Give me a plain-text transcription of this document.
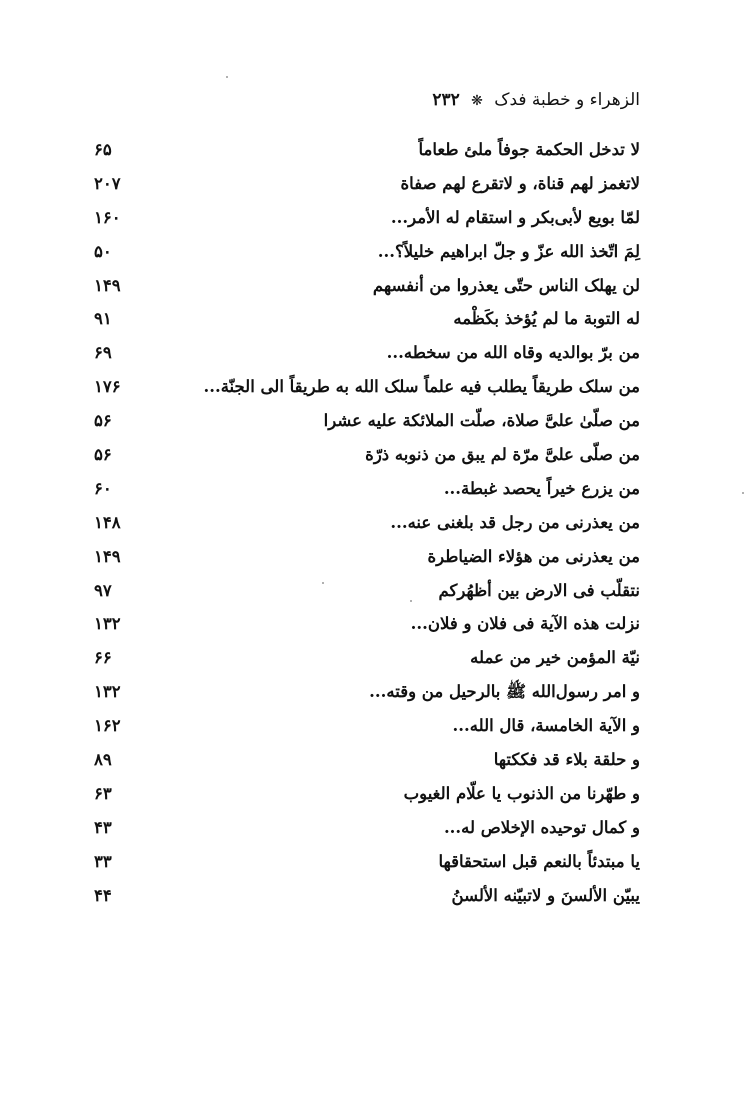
الزهراء و خطبة فدک ❋ ۲۳۲
لا تدخل الحکمة جوفاً ملئ طعاماً
۶۵
لاتغمز لهم قناة، و لاتقرع لهم صفاة
۲۰۷
لمّا بويع لأبی‌بکر و استقام له الأمر...
۱۶۰
لِمَ اتّخذ الله عزّ و جلّ ابراهيم خليلاً؟...
۵۰
لن يهلک الناس حتّی يعذروا من أنفسهم
۱۴۹
له التوبة ما لم يُؤخذ بکَظْمه
۹۱
من برّ بوالديه وقاه الله من سخطه...
۶۹
من سلک طريقاً يطلب فيه علماً سلک الله به طريقاً الی الجنّة...
۱۷۶
من صلّیٰ علیَّ صلاة، صلّت الملائکة عليه عشرا
۵۶
من صلّی علیَّ مرّة لم يبق من ذنوبه ذرّة
۵۶
من يزرع خيراً يحصد غبطة...
۶۰
من يعذرنی من رجل قد بلغنی عنه...
۱۴۸
من يعذرنی من هؤلاء الضياطرة
۱۴۹
نتقلّب فی الارض بين أظهُرکم
۹۷
نزلت هذه الآية فی فلان و فلان...
۱۳۲
نيّة المؤمن خير من عمله
۶۶
و امر رسول‌الله ﷺ بالرحيل من وقته...
۱۳۲
و الآية الخامسة، قال الله...
۱۶۲
و حلقة بلاء قد فککتها
۸۹
و طهّرنا من الذنوب يا علّام الغيوب
۶۳
و کمال توحيده الإخلاص له...
۴۳
يا مبتدئاً بالنعم قبل استحقاقها
۳۳
يبيّن الألسنَ و لاتبيّنه الألسنُ
۴۴
